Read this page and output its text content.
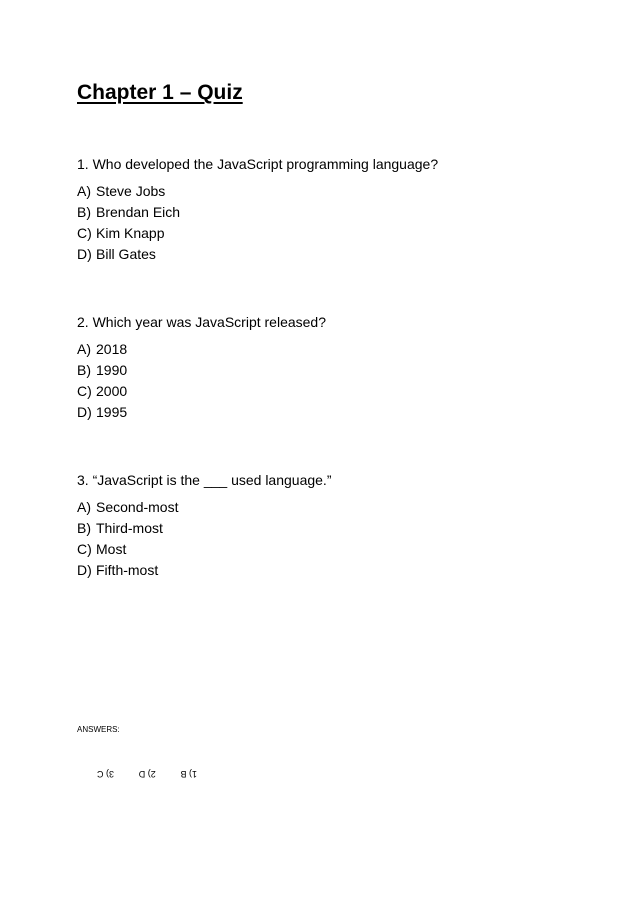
Chapter 1 – Quiz

1. Who developed the JavaScript programming language?

A) Steve Jobs
B) Brendan Eich
C) Kim Knapp
D) Bill Gates

2. Which year was JavaScript released?

A) 2018
B) 1990
C) 2000
D) 1995

3. “JavaScript is the ___ used language.”

A) Second-most
B) Third-most
C) Most
D) Fifth-most

ANSWERS:

1) B
2) D
3) C
